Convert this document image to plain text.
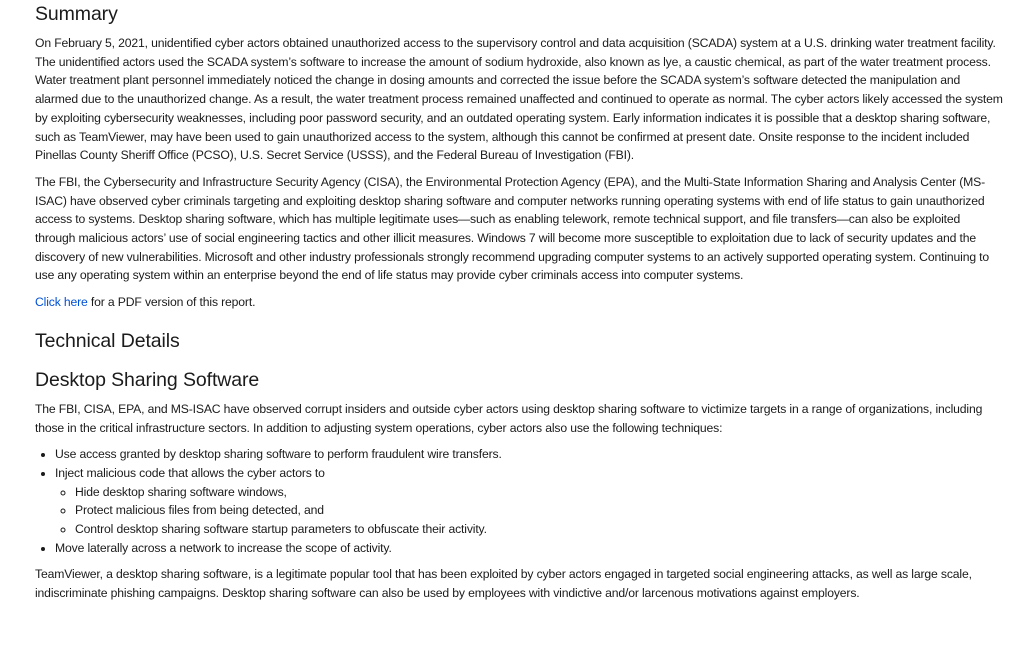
Summary

On February 5, 2021, unidentified cyber actors obtained unauthorized access to the supervisory control and data acquisition (SCADA) system at a U.S. drinking water treatment facility. The unidentified actors used the SCADA system’s software to increase the amount of sodium hydroxide, also known as lye, a caustic chemical, as part of the water treatment process. Water treatment plant personnel immediately noticed the change in dosing amounts and corrected the issue before the SCADA system’s software detected the manipulation and alarmed due to the unauthorized change. As a result, the water treatment process remained unaffected and continued to operate as normal. The cyber actors likely accessed the system by exploiting cybersecurity weaknesses, including poor password security, and an outdated operating system. Early information indicates it is possible that a desktop sharing software, such as TeamViewer, may have been used to gain unauthorized access to the system, although this cannot be confirmed at present date. Onsite response to the incident included Pinellas County Sheriff Office (PCSO), U.S. Secret Service (USSS), and the Federal Bureau of Investigation (FBI).

The FBI, the Cybersecurity and Infrastructure Security Agency (CISA), the Environmental Protection Agency (EPA), and the Multi-State Information Sharing and Analysis Center (MS-ISAC) have observed cyber criminals targeting and exploiting desktop sharing software and computer networks running operating systems with end of life status to gain unauthorized access to systems. Desktop sharing software, which has multiple legitimate uses—such as enabling telework, remote technical support, and file transfers—can also be exploited through malicious actors’ use of social engineering tactics and other illicit measures. Windows 7 will become more susceptible to exploitation due to lack of security updates and the discovery of new vulnerabilities. Microsoft and other industry professionals strongly recommend upgrading computer systems to an actively supported operating system. Continuing to use any operating system within an enterprise beyond the end of life status may provide cyber criminals access into computer systems.

Click here for a PDF version of this report.

Technical Details
Desktop Sharing Software

The FBI, CISA, EPA, and MS-ISAC have observed corrupt insiders and outside cyber actors using desktop sharing software to victimize targets in a range of organizations, including those in the critical infrastructure sectors. In addition to adjusting system operations, cyber actors also use the following techniques:

• Use access granted by desktop sharing software to perform fraudulent wire transfers.
• Inject malicious code that allows the cyber actors to
◦ Hide desktop sharing software windows,
◦ Protect malicious files from being detected, and
◦ Control desktop sharing software startup parameters to obfuscate their activity.
• Move laterally across a network to increase the scope of activity.

TeamViewer, a desktop sharing software, is a legitimate popular tool that has been exploited by cyber actors engaged in targeted social engineering attacks, as well as large scale, indiscriminate phishing campaigns. Desktop sharing software can also be used by employees with vindictive and/or larcenous motivations against employers.
